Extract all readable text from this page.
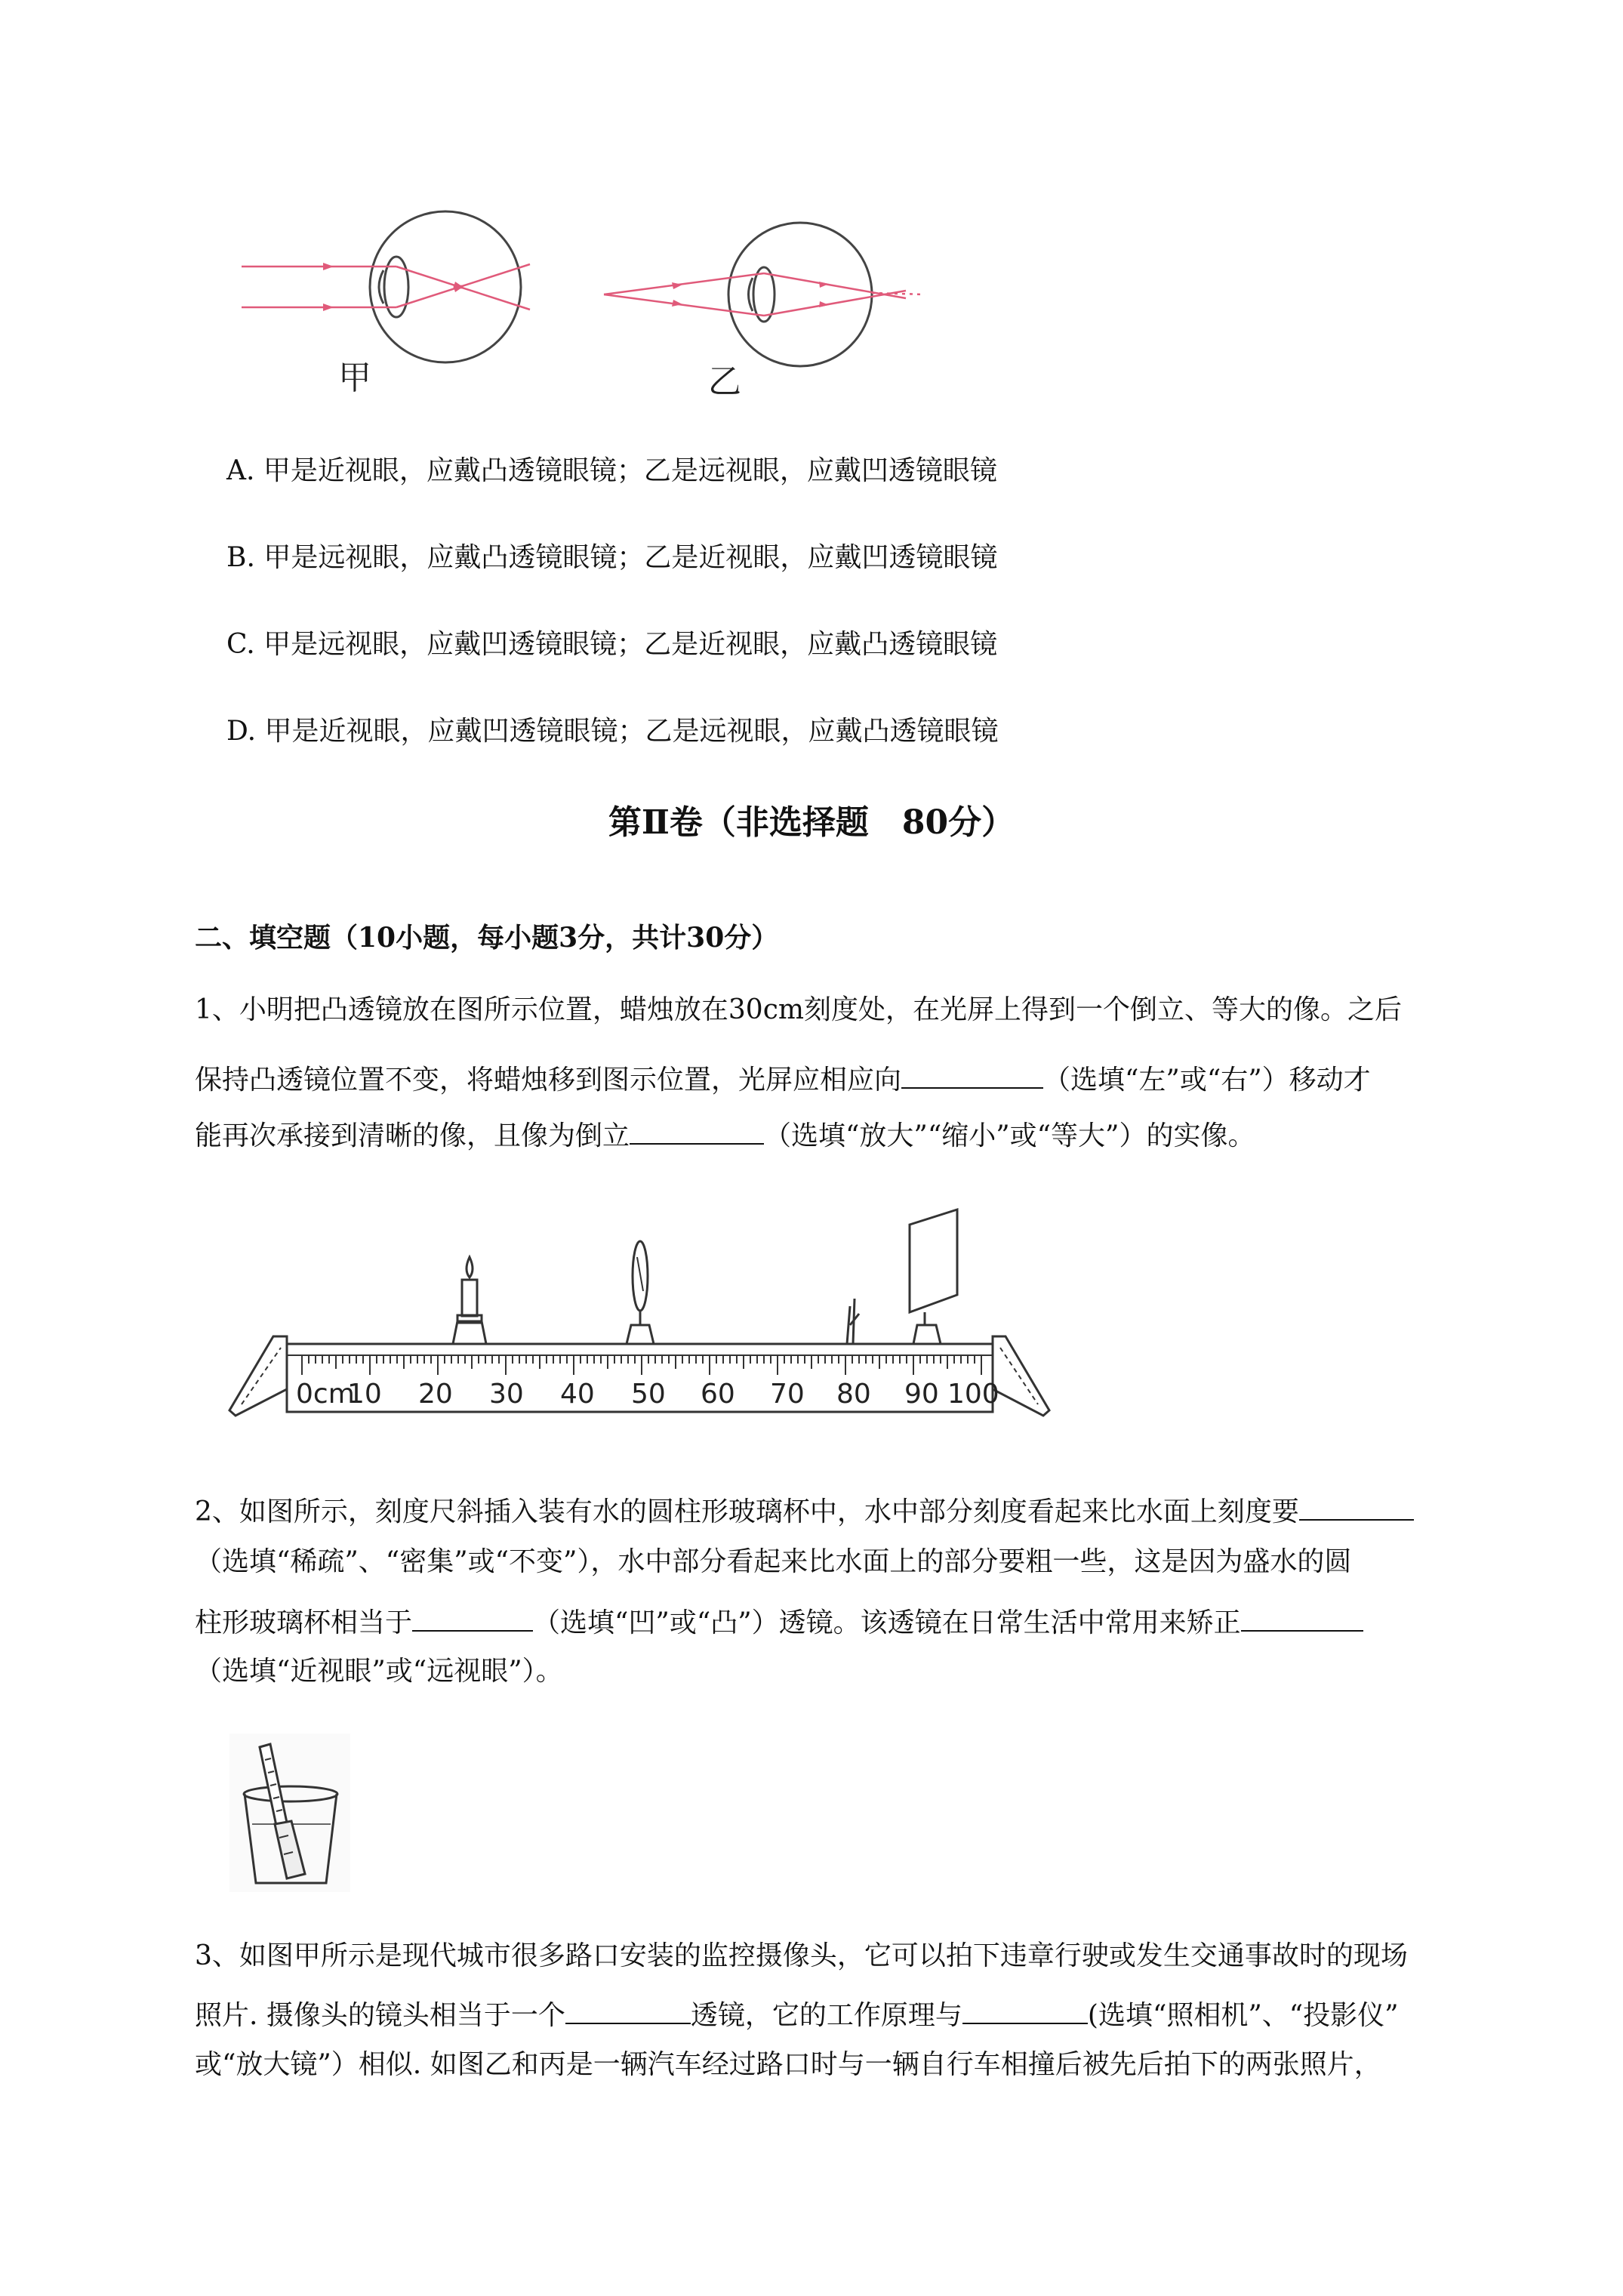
甲	乙
A. 甲是近视眼，应戴凸透镜眼镜；乙是远视眼，应戴凹透镜眼镜
B. 甲是远视眼，应戴凸透镜眼镜；乙是近视眼，应戴凹透镜眼镜
C. 甲是远视眼，应戴凹透镜眼镜；乙是近视眼，应戴凸透镜眼镜
D. 甲是近视眼，应戴凹透镜眼镜；乙是远视眼，应戴凸透镜眼镜
第Ⅱ卷（非选择题　80分）
二、填空题（10小题，每小题3分，共计30分）
1、小明把凸透镜放在图所示位置，蜡烛放在30cm刻度处，在光屏上得到一个倒立、等大的像。之后
保持凸透镜位置不变，将蜡烛移到图示位置，光屏应相应向	（选填“左”或“右”）移动才
能再次承接到清晰的像，且像为倒立	（选填“放大”“缩小”或“等大”）的实像。
0cm
10 20 30 40 50 60 70 80 90 100
2、如图所示，刻度尺斜插入装有水的圆柱形玻璃杯中，水中部分刻度看起来比水面上刻度要
（选填“稀疏”、“密集”或“不变”），水中部分看起来比水面上的部分要粗一些，这是因为盛水的圆
柱形玻璃杯相当于	（选填“凹”或“凸”）透镜。该透镜在日常生活中常用来矫正
（选填“近视眼”或“远视眼”）。
3、如图甲所示是现代城市很多路口安装的监控摄像头，它可以拍下违章行驶或发生交通事故时的现场
照片. 摄像头的镜头相当于一个	透镜，它的工作原理与	(选填“照相机”、“投影仪”
或“放大镜”）相似. 如图乙和丙是一辆汽车经过路口时与一辆自行车相撞后被先后拍下的两张照片，
